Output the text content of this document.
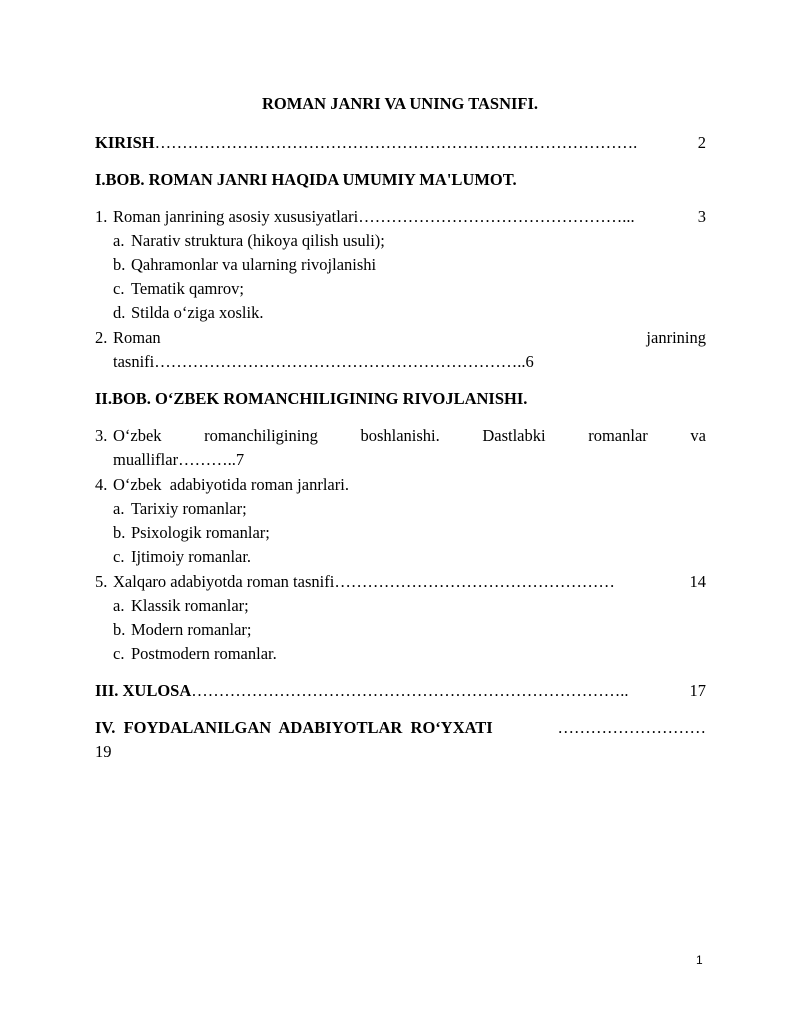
ROMAN JANRI VA UNING TASNIFI.
KIRISH…………………………………………………………………………….	2
I.BOB. ROMAN JANRI HAQIDA UMUMIY MA'LUMOT.
1. Roman janrining asosiy xususiyatlari…………………………………………...	3
a. Narativ struktura (hikoya qilish usuli);
b. Qahramonlar va ularning rivojlanishi
c. Tematik qamrov;
d. Stilda o‘ziga xoslik.
2. Roman	janrining
tasnifi…………………………………………………………..6
II.BOB. O‘ZBEK ROMANCHILIGINING RIVOJLANISHI.
3. O‘zbek	romanchiligining	boshlanishi.	Dastlabki	romanlar	va
mualliflar………..7
4. O‘zbek  adabiyotida roman janrlari.
a. Tarixiy romanlar;
b. Psixologik romanlar;
c. Ijtimoiy romanlar.
5. Xalqaro adabiyotda roman tasnifi……………………………………………	14
a. Klassik romanlar;
b. Modern romanlar;
c. Postmodern romanlar.
III. XULOSA……………………………………………………………………..	17
IV.  FOYDALANILGAN  ADABIYOTLAR  RO‘YXATI	………………………
19
1
